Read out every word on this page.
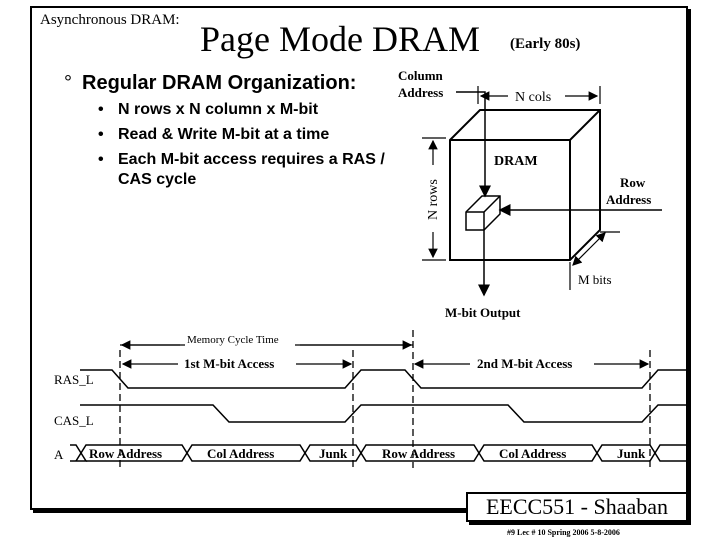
Asynchronous DRAM: Page Mode DRAM (Early 80s)
° Regular DRAM Organization:
• N rows x N column x M-bit
• Read & Write M-bit at a time
• Each M-bit access requires a RAS / CAS cycle
Column
Address	N cols
DRAM
N rows	Row
Address
M bits
M-bit Output
Memory Cycle Time
1st M-bit Access	2nd M-bit Access
RAS_L
CAS_L
A Row Address	Col Address	Junk	Row Address	Col Address	Junk
EECC551 - Shaaban
#9 Lec # 10 Spring 2006 5-8-2006
